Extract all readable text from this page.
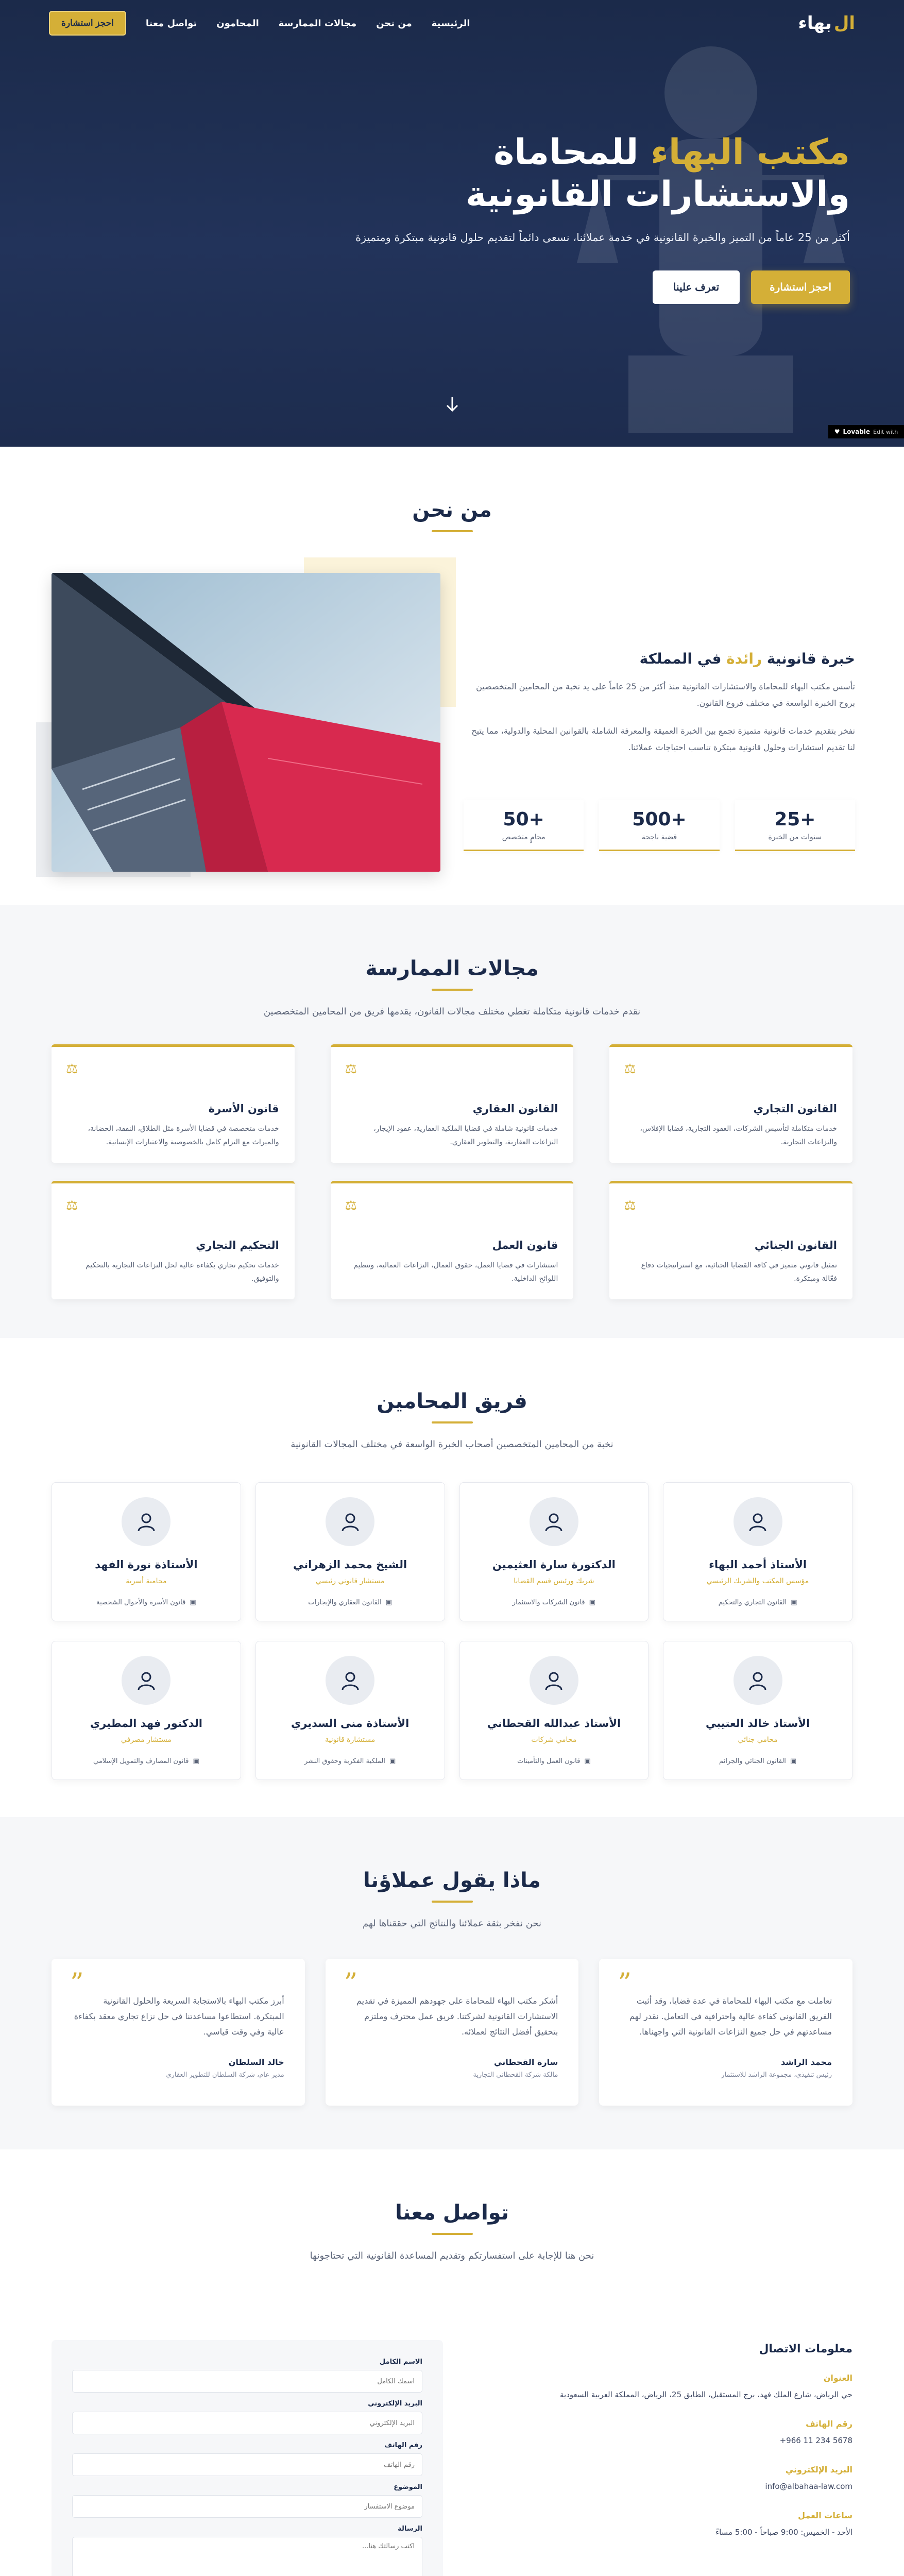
ال
بهاء
الرئيسية
من نحن
مجالات الممارسة
المحامون
تواصل معنا
احجز استشارة
مكتب البهاء للمحاماة
والاستشارات القانونية

أكثر من 25 عاماً من التميز والخبرة القانونية في خدمة عملائنا، نسعى دائماً لتقديم حلول قانونية مبتكرة ومتميزة

احجز استشارة
تعرف علينا
♥ Lovable Edit with
من نحن
خبرة قانونية رائدة في المملكة

تأسس مكتب البهاء للمحاماة والاستشارات القانونية منذ أكثر من 25 عاماً على يد نخبة من المحامين المتخصصين بروح الخبرة الواسعة في مختلف فروع القانون.

نفخر بتقديم خدمات قانونية متميزة تجمع بين الخبرة العميقة والمعرفة الشاملة بالقوانين المحلية والدولية، مما يتيح لنا تقديم استشارات وحلول قانونية مبتكرة تناسب احتياجات عملائنا.

+25
سنوات من الخبرة
+500
قضية ناجحة
+50
محامٍ متخصص
مجالات الممارسة

نقدم خدمات قانونية متكاملة تغطي مختلف مجالات القانون، يقدمها فريق من المحامين المتخصصين

⚖
القانون التجاري
خدمات متكاملة لتأسيس الشركات، العقود التجارية، قضايا الإفلاس، والنزاعات التجارية.
⚖
القانون العقاري
خدمات قانونية شاملة في قضايا الملكية العقارية، عقود الإيجار، النزاعات العقارية، والتطوير العقاري.
⚖
قانون الأسرة
خدمات متخصصة في قضايا الأسرة مثل الطلاق، النفقة، الحضانة، والميراث مع التزام كامل بالخصوصية والاعتبارات الإنسانية.
⚖
القانون الجنائي
تمثيل قانوني متميز في كافة القضايا الجنائية، مع استراتيجيات دفاع فعّالة ومبتكرة.
⚖
قانون العمل
استشارات في قضايا العمل، حقوق العمال، النزاعات العمالية، وتنظيم اللوائح الداخلية.
⚖
التحكيم التجاري
خدمات تحكيم تجاري بكفاءة عالية لحل النزاعات التجارية بالتحكيم والتوفيق.
فريق المحامين

نخبة من المحامين المتخصصين أصحاب الخبرة الواسعة في مختلف المجالات القانونية

الأستاذ أحمد البهاء
مؤسس المكتب والشريك الرئيسي
▣
القانون التجاري والتحكيم
الدكتورة سارة العثيمين
شريك ورئيس قسم القضايا
▣
قانون الشركات والاستثمار
الشيخ محمد الزهراني
مستشار قانوني رئيسي
▣
القانون العقاري والإيجارات
الأستاذة نورة الفهد
محامية أسرية
▣
قانون الأسرة والأحوال الشخصية
الأستاذ خالد العتيبي
محامي جنائي
▣
القانون الجنائي والجرائم
الأستاذ عبدالله القحطاني
محامي شركات
▣
قانون العمل والتأمينات
الأستاذة منى السديري
مستشارة قانونية
▣
الملكية الفكرية وحقوق النشر
الدكتور فهد المطيري
مستشار مصرفي
▣
قانون المصارف والتمويل الإسلامي
ماذا يقول عملاؤنا

نحن نفخر بثقة عملائنا والنتائج التي حققناها لهم

”

تعاملت مع مكتب البهاء للمحاماة في عدة قضايا، وقد أثبت الفريق القانوني كفاءة عالية واحترافية في التعامل. نقدر لهم مساعدتهم في حل جميع النزاعات القانونية التي واجهناها.

محمد الراشد
رئيس تنفيذي، مجموعة الراشد للاستثمار
”

أشكر مكتب البهاء للمحاماة على جهودهم المميزة في تقديم الاستشارات القانونية لشركتنا. فريق عمل محترف وملتزم بتحقيق أفضل النتائج لعملائه.

سارة القحطاني
مالكة شركة القحطاني التجارية
”

أبرز مكتب البهاء بالاستجابة السريعة والحلول القانونية المبتكرة. استطاعوا مساعدتنا في حل نزاع تجاري معقد بكفاءة عالية وفي وقت قياسي.

خالد السلطان
مدير عام، شركة السلطان للتطوير العقاري
تواصل معنا

نحن هنا للإجابة على استفسارتكم وتقديم المساعدة القانونية التي تحتاجونها

معلومات الاتصال
العنوان
حي الرياض، شارع الملك فهد، برج المستقبل، الطابق 25، الرياض، المملكة العربية السعودية
رقم الهاتف
+966 11 234 5678
البريد الإلكتروني
info@albahaa-law.com
ساعات العمل
الأحد - الخميس: 9:00 صباحاً - 5:00 مساءً
الاسم الكامل
اسمك الكامل
البريد الإلكتروني
البريد الإلكتروني
رقم الهاتف
رقم الهاتف
الموضوع
موضوع الاستفسار
الرسالة
اكتب رسالتك هنا...
